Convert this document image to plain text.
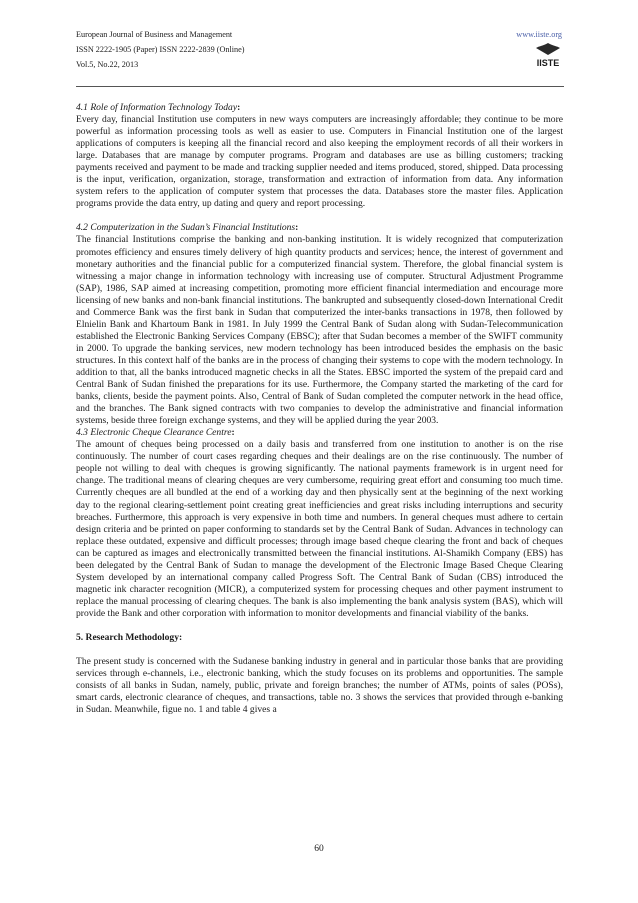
European Journal of Business and Management
ISSN 2222-1905 (Paper) ISSN 2222-2839 (Online)
Vol.5, No.22, 2013
www.iiste.org
IISTE

4.1 Role of Information Technology Today:

Every day, financial Institution use computers in new ways computers are increasingly affordable; they continue to be more powerful as information processing tools as well as easier to use. Computers in Financial Institution one of the largest applications of computers is keeping all the financial record and also keeping the employment records of all their workers in large. Databases that are manage by computer programs. Program and databases are use as billing customers; tracking payments received and payment to be made and tracking supplier needed and items produced, stored, shipped. Data processing is the input, verification, organization, storage, transformation and extraction of information from data. Any information system refers to the application of computer system that processes the data. Databases store the master files. Application programs provide the data entry, up dating and query and report processing.

4.2 Computerization in the Sudan’s Financial Institutions:

The financial Institutions comprise the banking and non-banking institution. It is widely recognized that computerization promotes efficiency and ensures timely delivery of high quantity products and services; hence, the interest of government and monetary authorities and the financial public for a computerized financial system. Therefore, the global financial system is witnessing a major change in information technology with increasing use of computer. Structural Adjustment Programme (SAP), 1986, SAP aimed at increasing competition, promoting more efficient financial intermediation and encourage more licensing of new banks and non-bank financial institutions. The bankrupted and subsequently closed-down International Credit and Commerce Bank was the first bank in Sudan that computerized the inter-banks transactions in 1978, then followed by Elnielin Bank and Khartoum Bank in 1981. In July 1999 the Central Bank of Sudan along with Sudan-Telecommunication established the Electronic Banking Services Company (EBSC); after that Sudan becomes a member of the SWIFT community in 2000. To upgrade the banking services, new modern technology has been introduced besides the emphasis on the basic structures. In this context half of the banks are in the process of changing their systems to cope with the modern technology. In addition to that, all the banks introduced magnetic checks in all the States. EBSC imported the system of the prepaid card and Central Bank of Sudan finished the preparations for its use. Furthermore, the Company started the marketing of the card for banks, clients, beside the payment points. Also, Central of Bank of Sudan completed the computer network in the head office, and the branches. The Bank signed contracts with two companies to develop the administrative and financial information systems, beside three foreign exchange systems, and they will be applied during the year 2003.

4.3 Electronic Cheque Clearance Centre:

The amount of cheques being processed on a daily basis and transferred from one institution to another is on the rise continuously. The number of court cases regarding cheques and their dealings are on the rise continuously. The number of people not willing to deal with cheques is growing significantly. The national payments framework is in urgent need for change. The traditional means of clearing cheques are very cumbersome, requiring great effort and consuming too much time. Currently cheques are all bundled at the end of a working day and then physically sent at the beginning of the next working day to the regional clearing-settlement point creating great inefficiencies and great risks including interruptions and security breaches. Furthermore, this approach is very expensive in both time and numbers. In general cheques must adhere to certain design criteria and be printed on paper conforming to standards set by the Central Bank of Sudan. Advances in technology can replace these outdated, expensive and difficult processes; through image based cheque clearing the front and back of cheques can be captured as images and electronically transmitted between the financial institutions. Al-Shamikh Company (EBS) has been delegated by the Central Bank of Sudan to manage the development of the Electronic Image Based Cheque Clearing System developed by an international company called Progress Soft. The Central Bank of Sudan (CBS) introduced the magnetic ink character recognition (MICR), a computerized system for processing cheques and other payment instrument to replace the manual processing of clearing cheques. The bank is also implementing the bank analysis system (BAS), which will provide the Bank and other corporation with information to monitor developments and financial viability of the banks.

5. Research Methodology:

The present study is concerned with the Sudanese banking industry in general and in particular those banks that are providing services through e-channels, i.e., electronic banking, which the study focuses on its problems and opportunities. The sample consists of all banks in Sudan, namely, public, private and foreign branches; the number of ATMs, points of sales (POSs), smart cards, electronic clearance of cheques, and transactions, table no. 3 shows the services that provided through e-banking in Sudan. Meanwhile, figue no. 1 and table 4 gives a

60
